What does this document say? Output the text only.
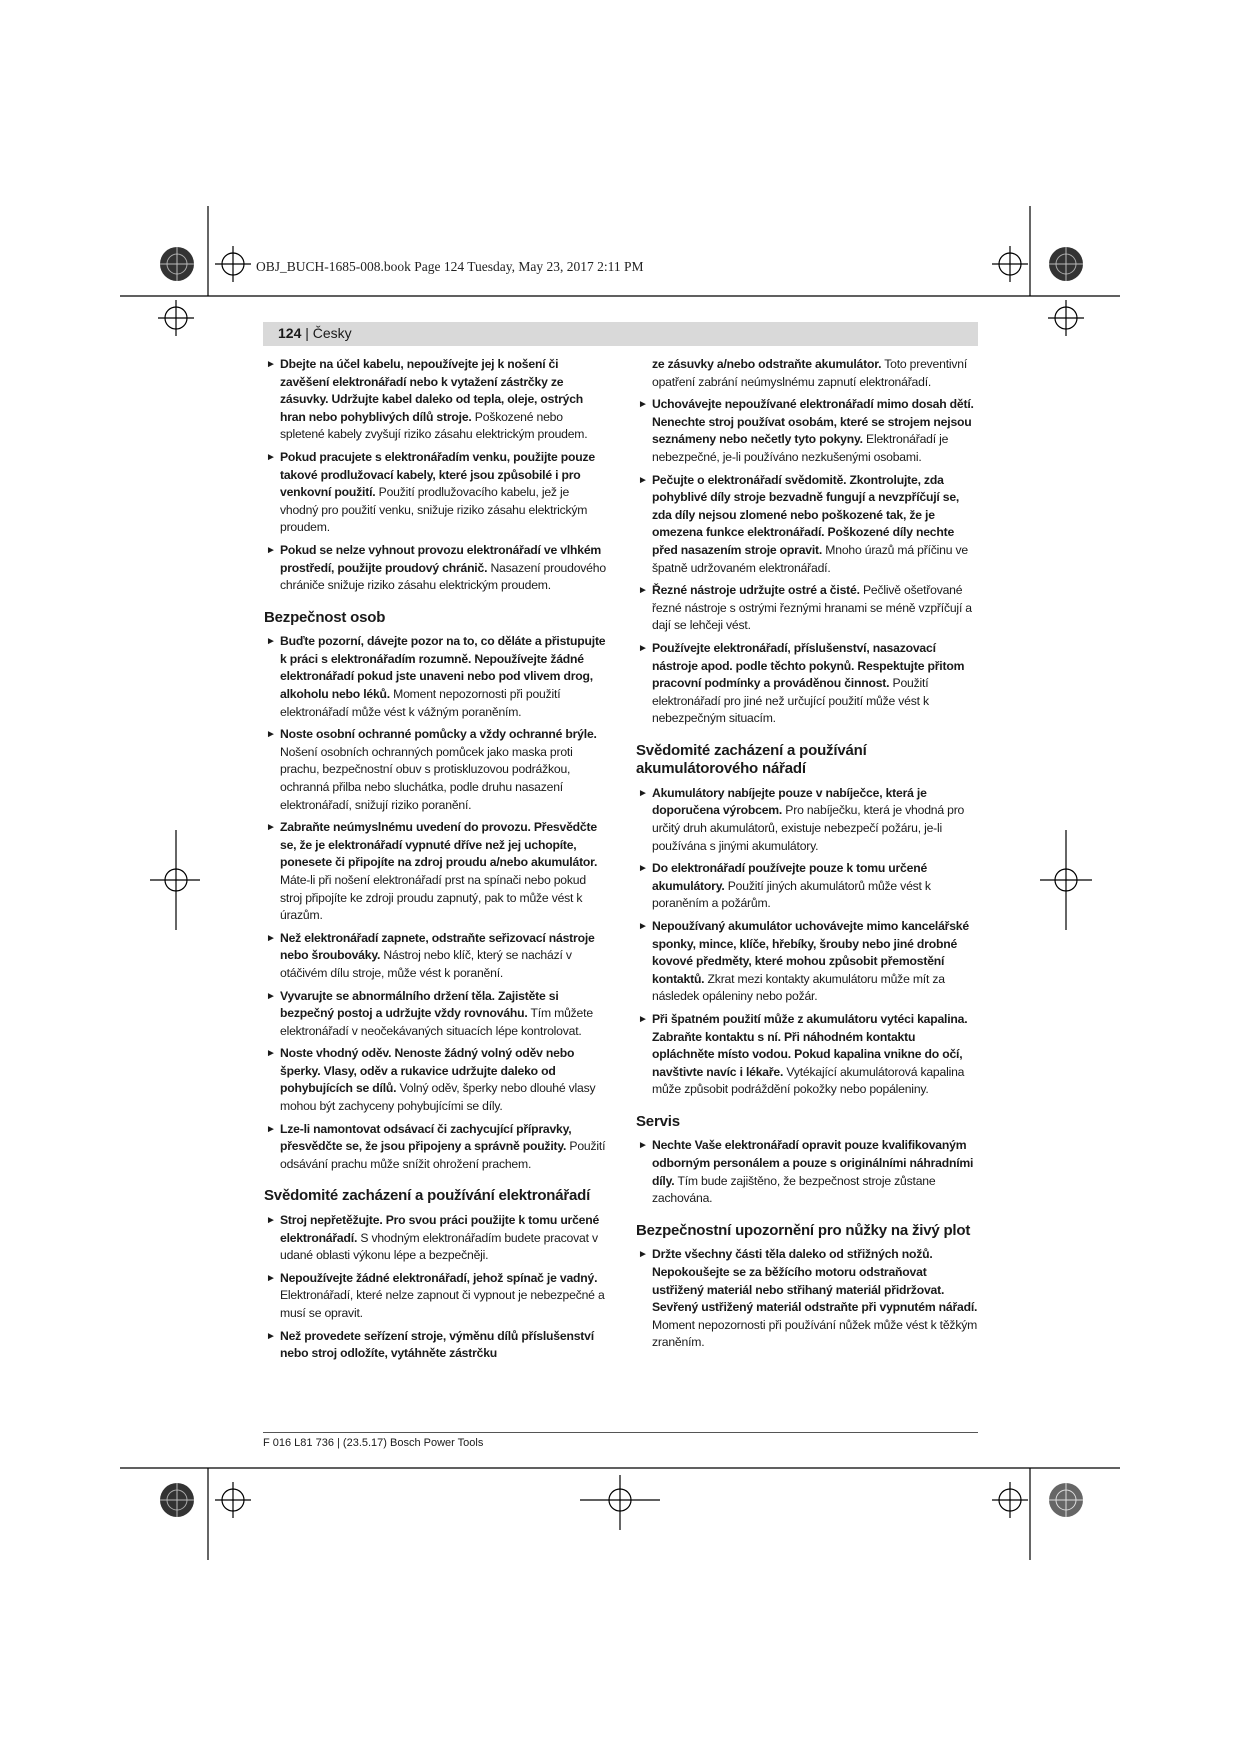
OBJ_BUCH-1685-008.book Page 124 Tuesday, May 23, 2017 2:11 PM
124 | Česky
► Dbejte na účel kabelu, nepoužívejte jej k nošení či zavěšení elektronářadí nebo k vytažení zástrčky ze zásuvky. Udržujte kabel daleko od tepla, oleje, ostrých hran nebo pohyblivých dílů stroje. Poškozené nebo spletené kabely zvyšují riziko zásahu elektrickým proudem.
► Pokud pracujete s elektronářadím venku, použijte pouze takové prodlužovací kabely, které jsou způsobilé i pro venkovní použití. Použití prodlužovacího kabelu, jež je vhodný pro použití venku, snižuje riziko zásahu elektrickým proudem.
► Pokud se nelze vyhnout provozu elektronářadí ve vlhkém prostředí, použijte proudový chránič. Nasazení proudového chrániče snižuje riziko zásahu elektrickým proudem.
Bezpečnost osob
► Buďte pozorní, dávejte pozor na to, co děláte a přistupujte k práci s elektronářadím rozumně. Nepoužívejte žádné elektronářadí pokud jste unaveni nebo pod vlivem drog, alkoholu nebo léků. Moment nepozornosti při použití elektronářadí může vést k vážným poraněním.
► Noste osobní ochranné pomůcky a vždy ochranné brýle. Nošení osobních ochranných pomůcek jako maska proti prachu, bezpečnostní obuv s protiskluzovou podrážkou, ochranná přilba nebo sluchátka, podle druhu nasazení elektronářadí, snižují riziko poranění.
► Zabraňte neúmyslnému uvedení do provozu. Přesvědčte se, že je elektronářadí vypnuté dříve než jej uchopíte, ponesete či připojíte na zdroj proudu a/nebo akumulátor. Máte-li při nošení elektronářadí prst na spínači nebo pokud stroj připojíte ke zdroji proudu zapnutý, pak to může vést k úrazům.
► Než elektronářadí zapnete, odstraňte seřizovací nástroje nebo šroubováky. Nástroj nebo klíč, který se nachází v otáčivém dílu stroje, může vést k poranění.
► Vyvarujte se abnormálního držení těla. Zajistěte si bezpečný postoj a udržujte vždy rovnováhu. Tím můžete elektronářadí v neočekávaných situacích lépe kontrolovat.
► Noste vhodný oděv. Nenoste žádný volný oděv nebo šperky. Vlasy, oděv a rukavice udržujte daleko od pohybujících se dílů. Volný oděv, šperky nebo dlouhé vlasy mohou být zachyceny pohybujícími se díly.
► Lze-li namontovat odsávací či zachycující přípravky, přesvědčte se, že jsou připojeny a správně použity. Použití odsávání prachu může snížit ohrožení prachem.
Svědomité zacházení a používání elektronářadí
► Stroj nepřetěžujte. Pro svou práci použijte k tomu určené elektronářadí. S vhodným elektronářadím budete pracovat v udané oblasti výkonu lépe a bezpečněji.
► Nepoužívejte žádné elektronářadí, jehož spínač je vadný. Elektronářadí, které nelze zapnout či vypnout je nebezpečné a musí se opravit.
► Než provedete seřízení stroje, výměnu dílů příslušenství nebo stroj odložíte, vytáhněte zástrčku
ze zásuvky a/nebo odstraňte akumulátor. Toto preventivní opatření zabrání neúmyslnému zapnutí elektronářadí.
► Uchovávejte nepoužívané elektronářadí mimo dosah dětí. Nenechte stroj používat osobám, které se strojem nejsou seznámeny nebo nečetly tyto pokyny. Elektronářadí je nebezpečné, je-li používáno nezkušenými osobami.
► Pečujte o elektronářadí svědomitě. Zkontrolujte, zda pohyblivé díly stroje bezvadně fungují a nevzpříčují se, zda díly nejsou zlomené nebo poškozené tak, že je omezena funkce elektronářadí. Poškozené díly nechte před nasazením stroje opravit. Mnoho úrazů má příčinu ve špatně udržovaném elektronářadí.
► Řezné nástroje udržujte ostré a čisté. Pečlivě ošetřované řezné nástroje s ostrými řeznými hranami se méně vzpříčují a dají se lehčeji vést.
► Používejte elektronářadí, příslušenství, nasazovací nástroje apod. podle těchto pokynů. Respektujte přitom pracovní podmínky a prováděnou činnost. Použití elektronářadí pro jiné než určující použití může vést k nebezpečným situacím.
Svědomité zacházení a používání akumulátorového nářadí
► Akumulátory nabíjejte pouze v nabíječce, která je doporučena výrobcem. Pro nabíječku, která je vhodná pro určitý druh akumulátorů, existuje nebezpečí požáru, je-li používána s jinými akumulátory.
► Do elektronářadí používejte pouze k tomu určené akumulátory. Použití jiných akumulátorů může vést k poraněním a požárům.
► Nepoužívaný akumulátor uchovávejte mimo kancelářské sponky, mince, klíče, hřebíky, šrouby nebo jiné drobné kovové předměty, které mohou způsobit přemostění kontaktů. Zkrat mezi kontakty akumulátoru může mít za následek opáleniny nebo požár.
► Při špatném použití může z akumulátoru vytéci kapalina. Zabraňte kontaktu s ní. Při náhodném kontaktu opláchněte místo vodou. Pokud kapalina vnikne do očí, navštivte navíc i lékaře. Vytékající akumulátorová kapalina může způsobit podráždění pokožky nebo popáleniny.
Servis
► Nechte Vaše elektronářadí opravit pouze kvalifikovaným odborným personálem a pouze s originálními náhradními díly. Tím bude zajištěno, že bezpečnost stroje zůstane zachována.
Bezpečnostní upozornění pro nůžky na živý plot
► Držte všechny části těla daleko od střižných nožů. Nepokoušejte se za běžícího motoru odstraňovat ustřižený materiál nebo střihaný materiál přidržovat. Sevřený ustřižený materiál odstraňte při vypnutém nářadí. Moment nepozornosti při používání nůžek může vést k těžkým zraněním.
F 016 L81 736 | (23.5.17) Bosch Power Tools
